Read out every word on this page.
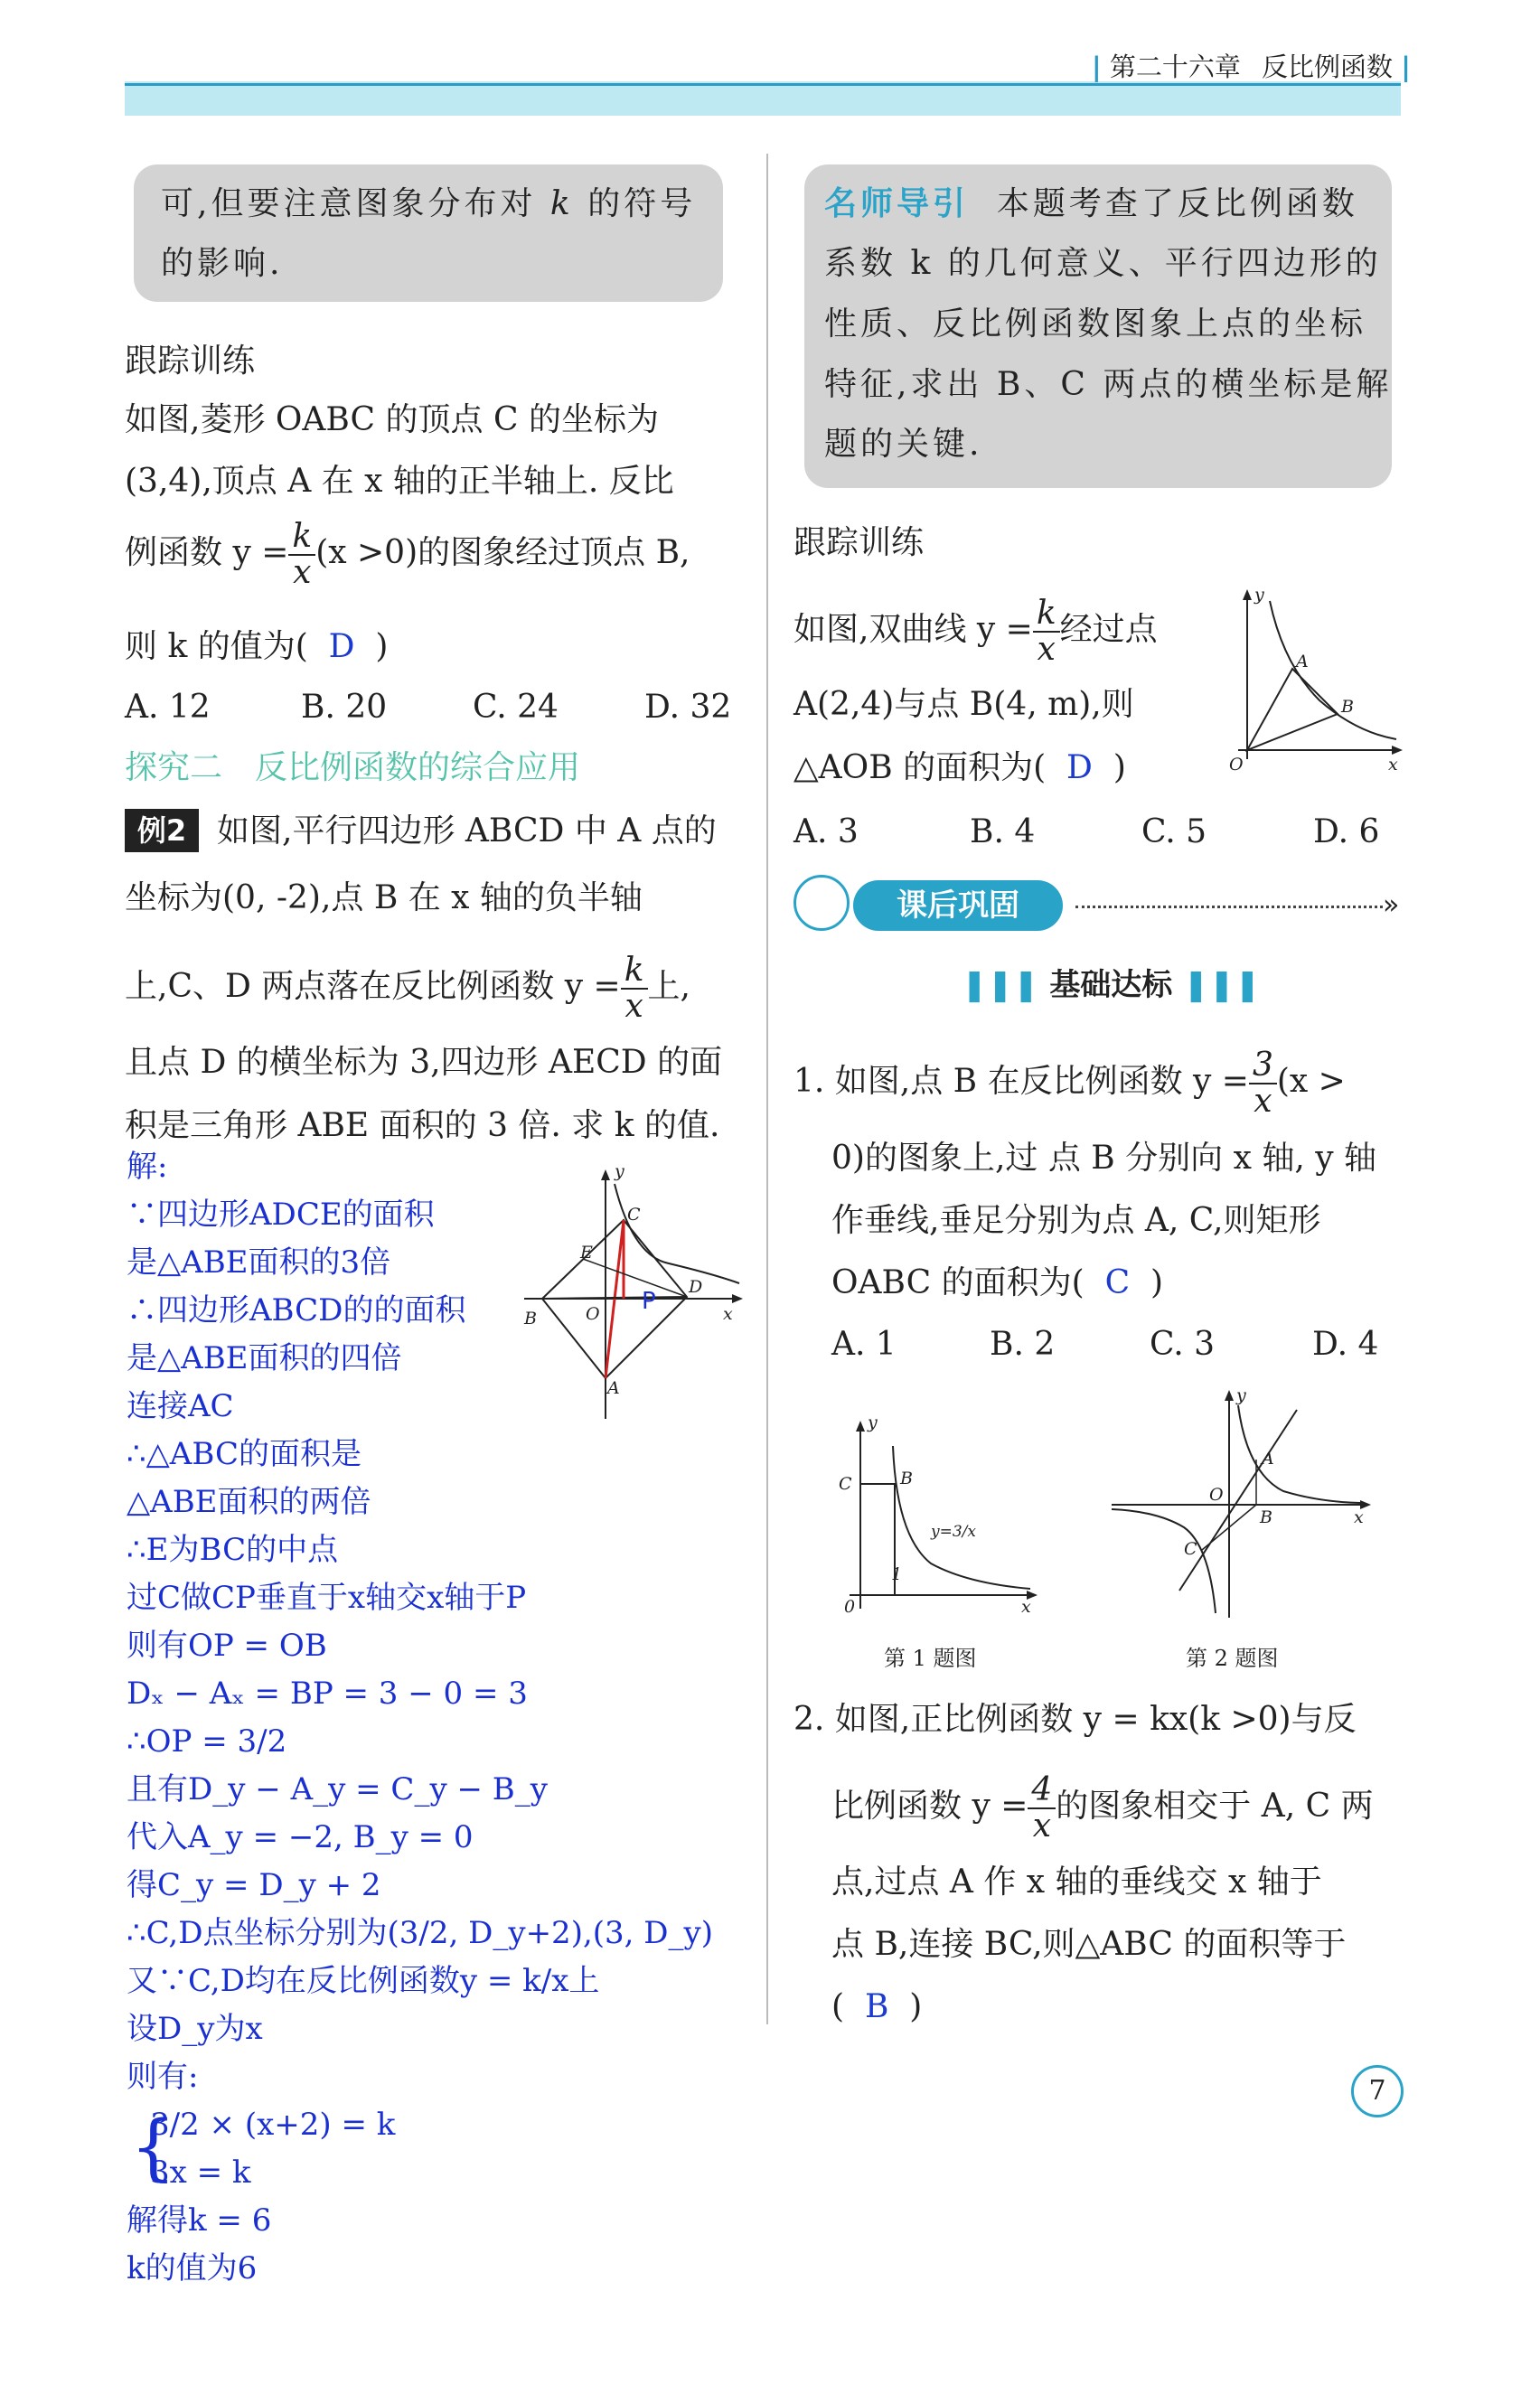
| 第二十六章 反比例函数 |
可,但要注意图象分布对 k 的符号
的影响.
跟踪训练
如图,菱形 OABC 的顶点 C 的坐标为
(3,4),顶点 A 在 x 轴的正半轴上. 反比
例函数 $y = \frac{k}{x} (x >0)$的图象经过顶点 B,
则 k 的值为( D )
A. 12	B. 20	C. 24	D. 32
探究二　反比例函数的综合应用
例2 如图,平行四边形 ABCD 中 A 点的
坐标为(0, -2),点 B 在 x 轴的负半轴
上,C、D 两点落在反比例函数 $y = \frac{k}{x}$ 上,
且点 D 的横坐标为 3,四边形 AECD 的面
积是三角形 ABE 面积的 3 倍. 求 k 的值.
解:
∵四边形ADCE的面积
是△ABE面积的3倍
∴四边形ABCD的的面积
是△ABE面积的四倍
连接AC
∴△ABC的面积是
△ABE面积的两倍
∴E为BC的中点
过C做CP垂直于x轴交x轴于P
则有OP = OB
Dₓ − Aₓ = BP = 3 − 0 = 3
∴OP = 3/2
且有D_y − A_y = C_y − B_y
代入A_y = −2, B_y = 0
得C_y = D_y + 2
∴C,D点坐标分别为(3/2, D_y+2),(3, D_y)
又∵C,D均在反比例函数y = k/x上
设D_y为x
则有:
{
3/2 × (x+2) = k
3x = k
解得k = 6
k的值为6
y
C
E
D
B	O
A
x
P
名师导引 本题考查了反比例函数
系数 k 的几何意义、平行四边形的
性质、反比例函数图象上点的坐标
特征,求出 B、C 两点的横坐标是解
题的关键.
跟踪训练
如图,双曲线 $y = \frac{k}{x}$ 经过点
A(2,4)与点 B(4, m),则
△AOB 的面积为( D )
A. 3	B. 4	C. 5	D. 6
y
A
B
O	x
课后巩固	»
❚❚❚ 基础达标 ❚❚❚
1. 如图,点 B 在反比例函数 $y = \frac{3}{x} (x$ >
0)的图象上,过 点 B 分别向 x 轴, y 轴
作垂线,垂足分别为点 A, C,则矩形
OABC 的面积为( C )
A. 1	B. 2	C. 3	D. 4
y
C	B
0
1
x
y=3/x
第 1 题图
y
A
O
B
C
x
第 2 题图
2. 如图,正比例函数 y = kx(k >0)与反
比例函数 $y = \frac{4}{x}$ 的图象相交于 A, C 两
点,过点 A 作 x 轴的垂线交 x 轴于
点 B,连接 BC,则△ABC 的面积等于
( B )
7
